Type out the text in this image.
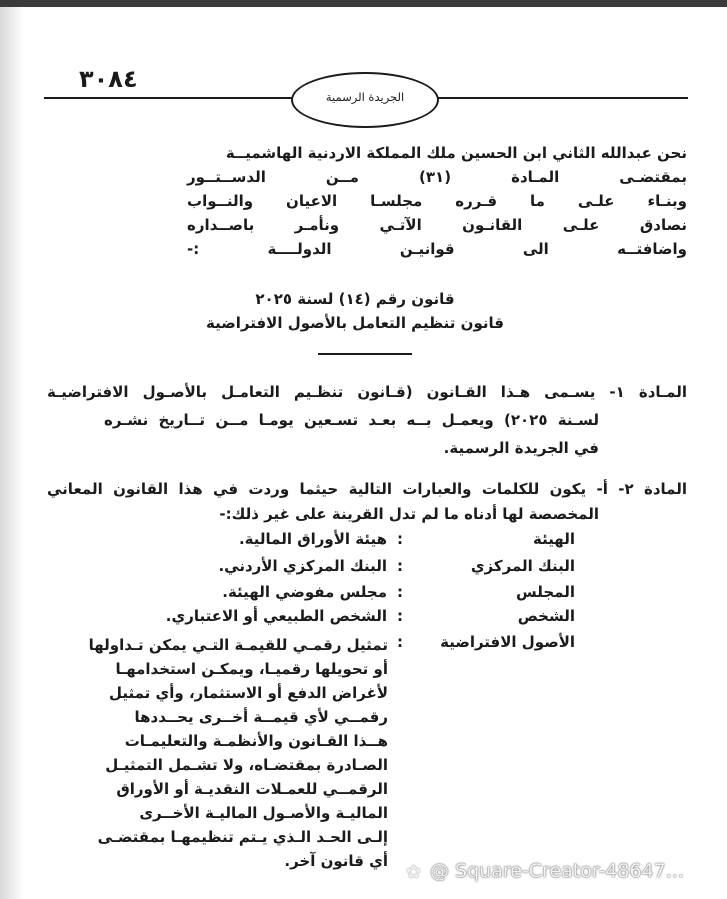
٣٠٨٤
الجريدة الرسمية
نحن عبدالله الثاني ابن الحسين ملك المملكة الاردنية الهاشميــة
بمقتضـى المـادة (٣١) مــن الدســتــور
وبنـاء علـى ما قـرره مجلسـا الاعيان والنــواب
نصادق علـى القانـون الآتـي ونأمـر باصــداره
واضافتــه الى قوانيـن الدولــــة :-
قانون رقم (١٤) لسنة ٢٠٢٥
قانون تنظيم التعامل بالأصول الافتراضية
المـادة ١- يسـمى هـذا القـانون (قـانون تنظـيم التعامـل بالأصـول الافتراضيـة
لسـنة ٢٠٢٥) ويعمـل بــه بعـد تسـعين يومـا مــن تــاريخ نشـره
في الجريدة الرسمية.
المادة ٢- أ- يكون للكلمات والعبارات التالية حيثما وردت في هذا القانون المعاني
المخصصة لها أدناه ما لم تدل القرينة على غير ذلك:-
الهيئة
:
هيئة الأوراق المالية.
البنك المركزي
:
البنك المركزي الأردني.
المجلس
:
مجلس مفوضي الهيئة.
الشخص
:
الشخص الطبيعي أو الاعتباري.
الأصول الافتراضية
:
تمثيل رقمـي للقيمـة التـي يمكن تـداولها
أو تحويلها رقميـا، ويمكـن استخدامهـا
لأغراض الدفع أو الاستثمار، وأي تمثيل
رقمــي لأي قيمــة أخــرى يحــددها
هــذا القـانون والأنظمـة والتعليمـات
الصـادرة بمقتضـاه، ولا تشـمل التمثيـل
الرقمــي للعمـلات النقديـة أو الأوراق
الماليـة والأصـول الماليـة الأخــرى
إلـى الحـد الـذي يـتم تنظيمهـا بمقتضـى
أي قانون آخر.
✿ @ Square-Creator-48647...
